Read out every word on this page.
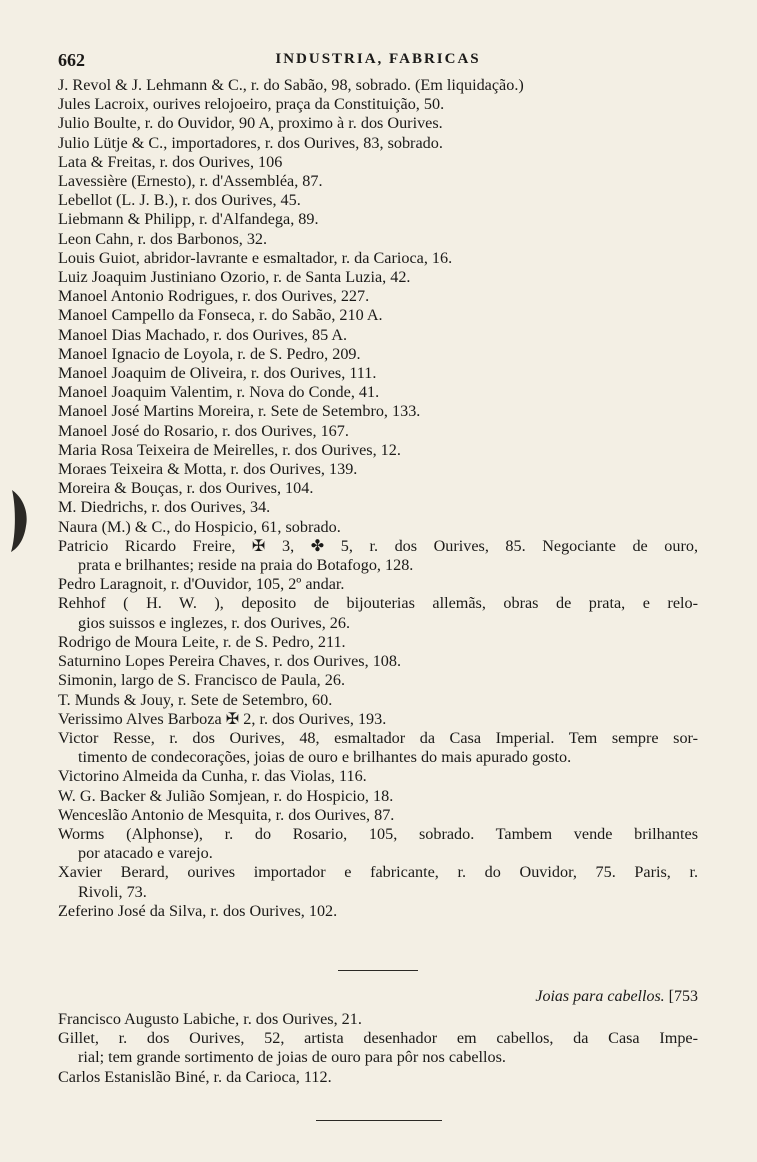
662	INDUSTRIA, FABRICAS

J. Revol & J. Lehmann & C., r. do Sabão, 98, sobrado. (Em liquidação.)

Jules Lacroix, ourives relojoeiro, praça da Constituição, 50.

Julio Boulte, r. do Ouvidor, 90 A, proximo à r. dos Ourives.

Julio Lütje & C., importadores, r. dos Ourives, 83, sobrado.

Lata & Freitas, r. dos Ourives, 106

Lavessière (Ernesto), r. d'Assembléa, 87.

Lebellot (L. J. B.), r. dos Ourives, 45.

Liebmann & Philipp, r. d'Alfandega, 89.

Leon Cahn, r. dos Barbonos, 32.

Louis Guiot, abridor-lavrante e esmaltador, r. da Carioca, 16.

Luiz Joaquim Justiniano Ozorio, r. de Santa Luzia, 42.

Manoel Antonio Rodrigues, r. dos Ourives, 227.

Manoel Campello da Fonseca, r. do Sabão, 210 A.

Manoel Dias Machado, r. dos Ourives, 85 A.

Manoel Ignacio de Loyola, r. de S. Pedro, 209.

Manoel Joaquim de Oliveira, r. dos Ourives, 111.

Manoel Joaquim Valentim, r. Nova do Conde, 41.

Manoel José Martins Moreira, r. Sete de Setembro, 133.

Manoel José do Rosario, r. dos Ourives, 167.

Maria Rosa Teixeira de Meirelles, r. dos Ourives, 12.

Moraes Teixeira & Motta, r. dos Ourives, 139.

Moreira & Bouças, r. dos Ourives, 104.

M. Diedrichs, r. dos Ourives, 34.

Naura (M.) & C., do Hospicio, 61, sobrado.

Patricio Ricardo Freire, ✠ 3, ✤ 5, r. dos Ourives, 85. Negociante de ouro,
prata e brilhantes; reside na praia do Botafogo, 128.

Pedro Laragnoit, r. d'Ouvidor, 105, 2º andar.

Rehhof ( H. W. ), deposito de bijouterias allemãs, obras de prata, e relo-
gios suissos e inglezes, r. dos Ourives, 26.

Rodrigo de Moura Leite, r. de S. Pedro, 211.

Saturnino Lopes Pereira Chaves, r. dos Ourives, 108.

Simonin, largo de S. Francisco de Paula, 26.

T. Munds & Jouy, r. Sete de Setembro, 60.

Verissimo Alves Barboza ✠ 2, r. dos Ourives, 193.

Victor Resse, r. dos Ourives, 48, esmaltador da Casa Imperial. Tem sempre sor-
timento de condecorações, joias de ouro e brilhantes do mais apurado gosto.

Victorino Almeida da Cunha, r. das Violas, 116.

W. G. Backer & Julião Somjean, r. do Hospicio, 18.

Wenceslão Antonio de Mesquita, r. dos Ourives, 87.

Worms (Alphonse), r. do Rosario, 105, sobrado. Tambem vende brilhantes
por atacado e varejo.

Xavier Berard, ourives importador e fabricante, r. do Ouvidor, 75. Paris, r.
Rivoli, 73.

Zeferino José da Silva, r. dos Ourives, 102.

Joias para cabellos. [753

Francisco Augusto Labiche, r. dos Ourives, 21.

Gillet, r. dos Ourives, 52, artista desenhador em cabellos, da Casa Impe-
rial; tem grande sortimento de joias de ouro para pôr nos cabellos.

Carlos Estanislão Biné, r. da Carioca, 112.
